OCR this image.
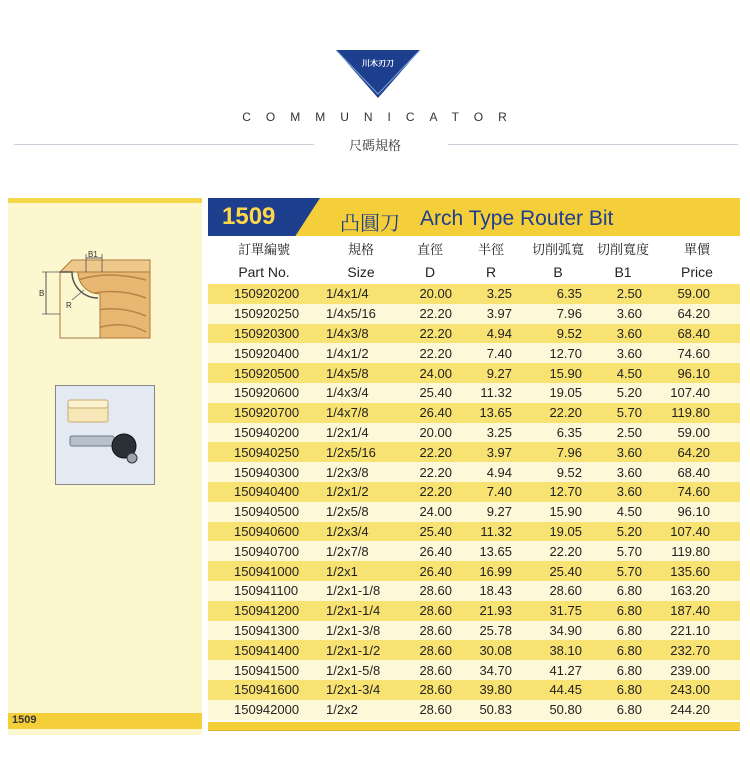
川木刃刀
COMMUNICATOR
尺碼規格
B1
B
R
1509
1509	凸圓刀 Arch Type Router Bit
訂單編號	規格	直徑	半徑	切削弧寬	切削寬度	單價
Part No.	Size	D	R	B	B1	Price
150920200	1/4x1/4	20.00	3.25	6.35	2.50	59.00
150920250	1/4x5/16	22.20	3.97	7.96	3.60	64.20
150920300	1/4x3/8	22.20	4.94	9.52	3.60	68.40
150920400	1/4x1/2	22.20	7.40	12.70	3.60	74.60
150920500	1/4x5/8	24.00	9.27	15.90	4.50	96.10
150920600	1/4x3/4	25.40	11.32	19.05	5.20	107.40
150920700	1/4x7/8	26.40	13.65	22.20	5.70	119.80
150940200	1/2x1/4	20.00	3.25	6.35	2.50	59.00
150940250	1/2x5/16	22.20	3.97	7.96	3.60	64.20
150940300	1/2x3/8	22.20	4.94	9.52	3.60	68.40
150940400	1/2x1/2	22.20	7.40	12.70	3.60	74.60
150940500	1/2x5/8	24.00	9.27	15.90	4.50	96.10
150940600	1/2x3/4	25.40	11.32	19.05	5.20	107.40
150940700	1/2x7/8	26.40	13.65	22.20	5.70	119.80
150941000	1/2x1	26.40	16.99	25.40	5.70	135.60
150941100	1/2x1-1/8	28.60	18.43	28.60	6.80	163.20
150941200	1/2x1-1/4	28.60	21.93	31.75	6.80	187.40
150941300	1/2x1-3/8	28.60	25.78	34.90	6.80	221.10
150941400	1/2x1-1/2	28.60	30.08	38.10	6.80	232.70
150941500	1/2x1-5/8	28.60	34.70	41.27	6.80	239.00
150941600	1/2x1-3/4	28.60	39.80	44.45	6.80	243.00
150942000	1/2x2	28.60	50.83	50.80	6.80	244.20
